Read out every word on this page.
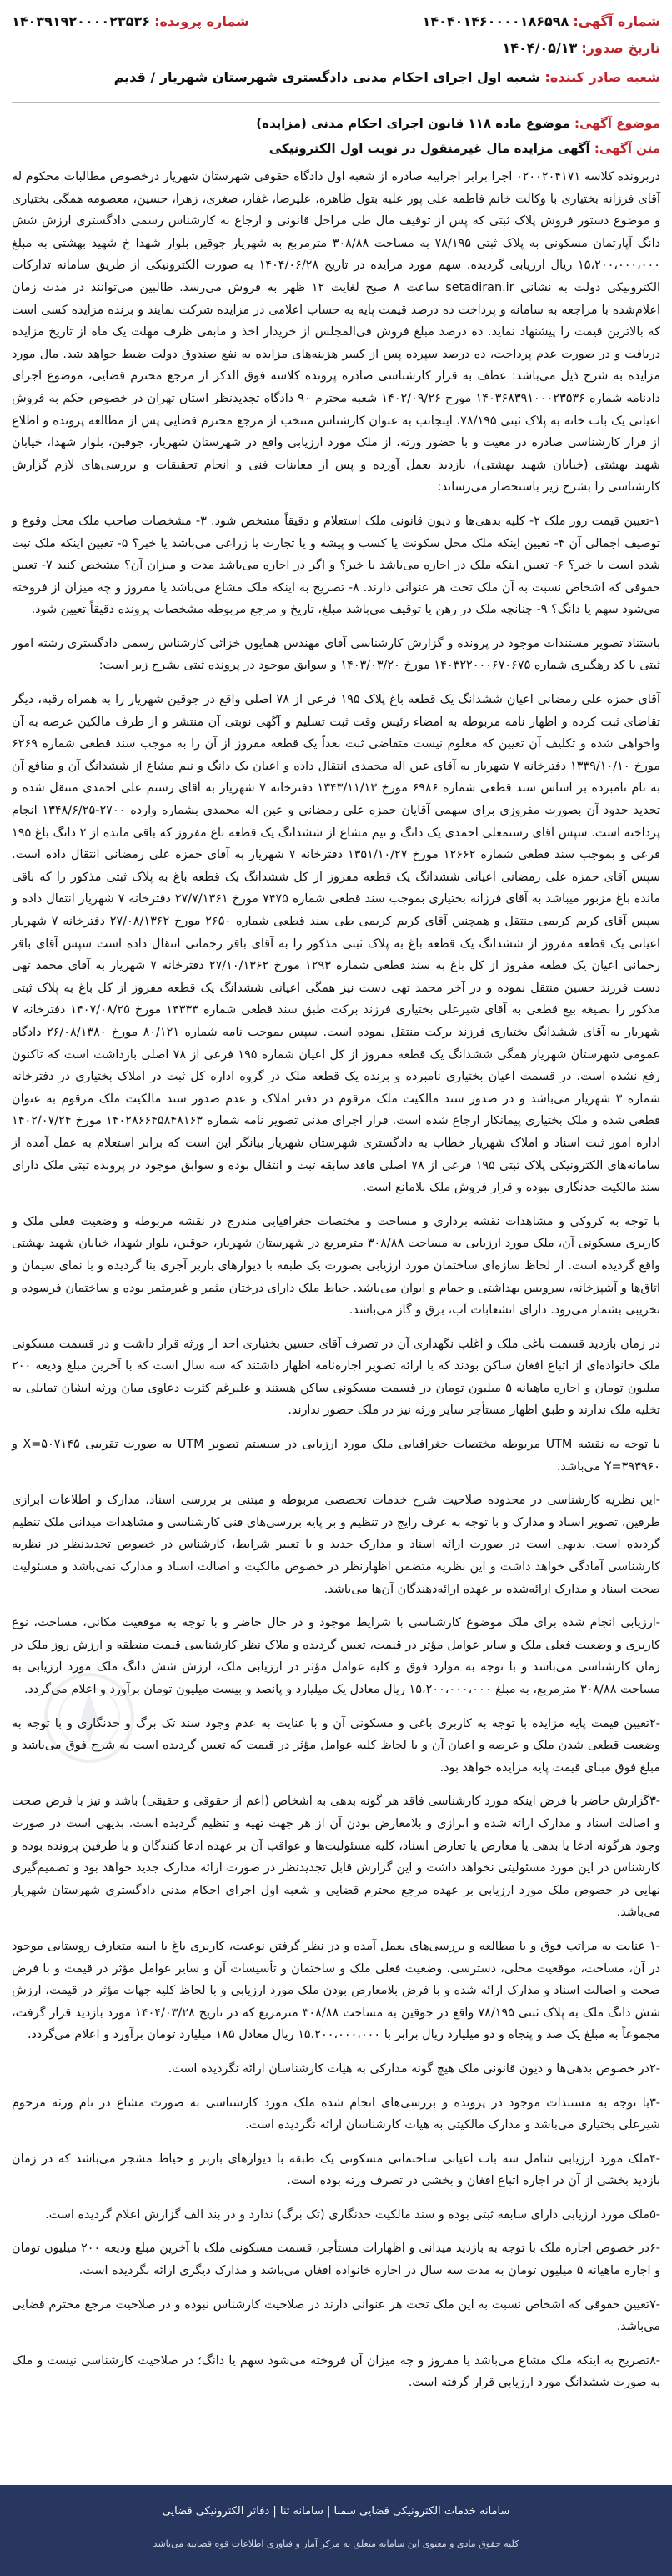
شماره آگهی: ۱۴۰۴۰۱۴۶۰۰۰۰۱۸۶۵۹۸
شماره پرونده: ۱۴۰۳۹۱۹۲۰۰۰۰۲۳۵۳۶
تاریخ صدور: ۱۴۰۴/۰۵/۱۳
شعبه صادر کننده: شعبه اول اجرای احکام مدنی دادگستری شهرستان شهریار / قدیم
موضوع آگهی: موضوع ماده ۱۱۸ قانون اجرای احکام مدنی (مزایده)
متن آگهی: آگهی مزایده مال غیرمنقول در نوبت اول الکترونیکی

دربرونده کلاسه ۰۲۰۰۲۰۴۱۷۱ اجرا برابر اجراییه صادره از شعبه اول دادگاه حقوقی شهرستان شهریار درخصوص مطالبات محکوم له آقای فرزانه بختیاری با وکالت خانم فاطمه علی پور علیه بتول طاهره، علیرضا، غفار، صغری، زهرا، حسین، معصومه همگی بختیاری و موضوع دستور فروش پلاک ثبتی که پس از توقیف مال طی مراحل قانونی و ارجاع به کارشناس رسمی دادگستری ارزش شش دانگ آپارتمان مسکونی به پلاک ثبتی ۷۸/۱۹۵ به مساحت ۳۰۸/۸۸ مترمربع به شهریار جوقین بلوار شهدا خ شهید بهشتی به مبلغ ۱۵،۲۰۰،۰۰۰،۰۰۰ ریال ارزیابی گردیده. سهم مورد مزایده در تاریخ ۱۴۰۴/۰۶/۲۸ به صورت الکترونیکی از طریق سامانه تدارکات الکترونیکی دولت به نشانی setadiran.ir ساعت ۸ صبح لغایت ۱۲ ظهر به فروش می‌رسد. طالبین می‌توانند در مدت زمان اعلام‌شده با مراجعه به سامانه و پرداخت ده درصد قیمت پایه به حساب اعلامی در مزایده شرکت نمایند و برنده مزایده کسی است که بالاترین قیمت را پیشنهاد نماید. ده درصد مبلغ فروش فی‌المجلس از خریدار اخذ و مابقی ظرف مهلت یک ماه از تاریخ مزایده دریافت و در صورت عدم پرداخت، ده درصد سپرده پس از کسر هزینه‌های مزایده به نفع صندوق دولت ضبط خواهد شد. مال مورد مزایده به شرح ذیل می‌باشد: عطف به قرار کارشناسی صادره پرونده کلاسه فوق الذکر از مرجع محترم قضایی، موضوع اجرای دادنامه شماره ۱۴۰۳۶۸۳۹۱۰۰۰۲۳۵۳۶ مورخ ۱۴۰۲/۰۹/۲۶ شعبه محترم ۹۰ دادگاه تجدیدنظر استان تهران در خصوص حکم به فروش اعیانی یک باب خانه به پلاک ثبتی ۷۸/۱۹۵، اینجانب به عنوان کارشناس منتخب از مرجع محترم قضایی پس از مطالعه پرونده و اطلاع از قرار کارشناسی صادره در معیت و با حضور ورثه، از ملک مورد ارزیابی واقع در شهرستان شهریار، جوقین، بلوار شهدا، خیابان شهید بهشتی (خیابان شهید بهشتی)، بازدید بعمل آورده و پس از معاینات فنی و انجام تحقیقات و بررسی‌های لازم گزارش کارشناسی را بشرح زیر باستحضار می‌رساند:

۱-تعیین قیمت روز ملک ۲- کلیه بدهی‌ها و دیون قانونی ملک استعلام و دقیقاً مشخص شود. ۳- مشخصات صاحب ملک محل وقوع و توصیف اجمالی آن ۴- تعیین اینکه ملک محل سکونت یا کسب و پیشه و یا تجارت یا زراعی می‌باشد یا خیر؟ ۵- تعیین اینکه ملک ثبت شده است یا خیر؟ ۶- تعیین اینکه ملک در اجاره می‌باشد یا خیر؟ و اگر در اجاره می‌باشد مدت و میزان آن؟ مشخص کنید ۷- تعیین حقوقی که اشخاص نسبت به آن ملک تحت هر عنوانی دارند. ۸- تصریح به اینکه ملک مشاع می‌باشد یا مفروز و چه میزان از فروخته می‌شود سهم یا دانگ؟ ۹- چنانچه ملک در رهن یا توقیف می‌باشد مبلغ، تاریخ و مرجع مربوطه مشخصات پرونده دقیقاً تعیین شود.

باستناد تصویر مستندات موجود در پرونده و گزارش کارشناسی آقای مهندس همایون خزائی کارشناس رسمی دادگستری رشته امور ثبتی با کد رهگیری شماره ۱۴۰۳۲۲۰۰۰۶۷۰۶۷۵ مورخ ۱۴۰۳/۰۳/۲۰ و سوابق موجود در پرونده ثبتی بشرح زیر است:

آقای حمزه علی رمضانی اعیان ششدانگ یک قطعه باغ پلاک ۱۹۵ فرعی از ۷۸ اصلی واقع در جوقین شهریار را به همراه رقبه، دیگر تقاضای ثبت کرده و اظهار نامه مربوطه به امضاء رئیس وقت ثبت تسلیم و آگهی نوبتی آن منتشر و از طرف مالکین عرصه به آن واخواهی شده و تکلیف آن تعیین که معلوم نیست متقاضی ثبت بعداً یک قطعه مفروز از آن را به موجب سند قطعی شماره ۶۲۶۹ مورخ ۱۳۳۹/۱۰/۱۰ دفترخانه ۷ شهریار به آقای عین اله محمدی انتقال داده و اعیان یک دانگ و نیم مشاع از ششدانگ آن و منافع آن به نام نامبرده بر اساس سند قطعی شماره ۶۹۸۶ مورخ ۱۳۴۳/۱۱/۱۳ دفترخانه ۷ شهریار به آقای رستم علی احمدی منتقل شده و تحدید حدود آن بصورت مفروزی برای سهمی آقایان حمزه علی رمضانی و عین اله محمدی بشماره وارده ۲۷۰۰-۱۳۴۸/۶/۲۵ انجام پرداخته است. سپس آقای رستمعلی احمدی یک دانگ و نیم مشاع از ششدانگ یک قطعه باغ مفروز که باقی مانده از ۲ دانگ باغ ۱۹۵ فرعی و بموجب سند قطعی شماره ۱۲۶۶۲ مورخ ۱۳۵۱/۱۰/۲۷ دفترخانه ۷ شهریار به آقای حمزه علی رمضانی انتقال داده است. سپس آقای حمزه علی رمضانی اعیانی ششدانگ یک قطعه مفروز از کل ششدانگ یک قطعه باغ به پلاک ثبتی مذکور را که باقی مانده باغ مزبور میباشد به آقای فرزانه بختیاری بموجب سند قطعی شماره ۷۴۷۵ مورخ ۲۷/۷/۱۳۶۱ دفترخانه ۷ شهریار انتقال داده و سپس آقای کریم کریمی منتقل و همچنین آقای کریم کریمی طی سند قطعی شماره ۲۶۵۰ مورخ ۲۷/۰۸/۱۳۶۲ دفترخانه ۷ شهریار اعیانی یک قطعه مفروز از ششدانگ یک قطعه باغ به پلاک ثبتی مذکور را به آقای باقر رحمانی انتقال داده است سپس آقای باقر رحمانی اعیان یک قطعه مفروز از کل باغ به سند قطعی شماره ۱۲۹۳ مورخ ۲۷/۱۰/۱۳۶۲ دفترخانه ۷ شهریار به آقای محمد تهی دست فرزند حسین منتقل نموده و در آخر محمد تهی دست نیز همگی اعیانی ششدانگ یک قطعه مفروز از کل باغ به پلاک ثبتی مذکور را بصیغه بیع قطعی به آقای شیرعلی بختیاری فرزند برکت طبق سند قطعی شماره ۱۴۳۳۳ مورخ ۱۴۰۷/۰۸/۲۵ دفترخانه ۷ شهریار به آقای ششدانگ بختیاری فرزند برکت منتقل نموده است. سپس بموجب نامه شماره ۸۰/۱۲۱ مورخ ۲۶/۰۸/۱۳۸۰ دادگاه عمومی شهرستان شهریار همگی ششدانگ یک قطعه مفروز از کل اعیان شماره ۱۹۵ فرعی از ۷۸ اصلی بازداشت است که تاکنون رفع نشده است. در قسمت اعیان بختیاری نامبرده و برنده یک قطعه ملک در گروه اداره کل ثبت در املاک بختیاری در دفترخانه شماره ۳ شهریار می‌باشد و در صدور سند مالکیت ملک مرقوم در دفتر املاک و عدم صدور سند مالکیت ملک مرقوم به عنوان قطعی شده و ملک بختیاری پیمانکار ارجاع شده است. قرار اجرای مدنی تصویر نامه شماره ۱۴۰۲۸۶۶۴۵۸۴۸۱۶۳ مورخ ۱۴۰۲/۰۷/۲۴ اداره امور ثبت اسناد و املاک شهریار خطاب به دادگستری شهرستان شهریار بیانگر این است که برابر استعلام به عمل آمده از سامانه‌های الکترونیکی پلاک ثبتی ۱۹۵ فرعی از ۷۸ اصلی فاقد سابقه ثبت و انتقال بوده و سوابق موجود در پرونده ثبتی ملک دارای سند مالکیت حدنگاری نبوده و قرار فروش ملک بلامانع است.

با توجه به کروکی و مشاهدات نقشه برداری و مساحت و مختصات جغرافیایی مندرج در نقشه مربوطه و وضعیت فعلی ملک و کاربری مسکونی آن، ملک مورد ارزیابی به مساحت ۳۰۸/۸۸ مترمربع در شهرستان شهریار، جوقین، بلوار شهدا، خیابان شهید بهشتی واقع گردیده است. از لحاظ سازه‌ای ساختمان مورد ارزیابی بصورت یک طبقه با دیوارهای باربر آجری بنا گردیده و با نمای سیمان و اتاق‌ها و آشپزخانه، سرویس بهداشتی و حمام و ایوان می‌باشد. حیاط ملک دارای درختان مثمر و غیرمثمر بوده و ساختمان فرسوده و تخریبی بشمار می‌رود. دارای انشعابات آب، برق و گاز می‌باشد.

در زمان بازدید قسمت باغی ملک و اغلب نگهداری آن در تصرف آقای حسین بختیاری احد از ورثه قرار داشت و در قسمت مسکونی ملک خانواده‌ای از اتباع افغان ساکن بودند که با ارائه تصویر اجاره‌نامه اظهار داشتند که سه سال است که با آخرین مبلغ ودیعه ۲۰۰ میلیون تومان و اجاره ماهیانه ۵ میلیون تومان در قسمت مسکونی ساکن هستند و علیرغم کثرت دعاوی میان ورثه ایشان تمایلی به تخلیه ملک ندارند و طبق اظهار مستأجر سایر ورثه نیز در ملک حضور ندارند.

با توجه به نقشه UTM مربوطه مختصات جغرافیایی ملک مورد ارزیابی در سیستم تصویر UTM به صورت تقریبی X=۵۰۷۱۴۵ و Y=۳۹۳۹۶۰ می‌باشد.

-این نظریه کارشناسی در محدوده صلاحیت شرح خدمات تخصصی مربوطه و مبتنی بر بررسی اسناد، مدارک و اطلاعات ابرازی طرفین، تصویر اسناد و مدارک و با توجه به عرف رایج در تنظیم و بر پایه بررسی‌های فنی کارشناسی و مشاهدات میدانی ملک تنظیم گردیده است. بدیهی است در صورت ارائه اسناد و مدارک جدید و یا تغییر شرایط، کارشناس در خصوص تجدیدنظر در نظریه کارشناسی آمادگی خواهد داشت و این نظریه متضمن اظهارنظر در خصوص مالکیت و اصالت اسناد و مدارک نمی‌باشد و مسئولیت صحت اسناد و مدارک ارائه‌شده بر عهده ارائه‌دهندگان آن‌ها می‌باشد.

-ارزیابی انجام شده برای ملک موضوع کارشناسی با شرایط موجود و در حال حاضر و با توجه به موقعیت مکانی، مساحت، نوع کاربری و وضعیت فعلی ملک و سایر عوامل مؤثر در قیمت، تعیین گردیده و ملاک نظر کارشناسی قیمت منطقه و ارزش روز ملک در زمان کارشناسی می‌باشد و با توجه به موارد فوق و کلیه عوامل مؤثر در ارزیابی ملک، ارزش شش دانگ ملک مورد ارزیابی به مساحت ۳۰۸/۸۸ مترمربع، به مبلغ ۱۵،۲۰۰،۰۰۰،۰۰۰ ریال معادل یک میلیارد و پانصد و بیست میلیون تومان برآورد و اعلام می‌گردد.

-۲تعیین قیمت پایه مزایده با توجه به کاربری باغی و مسکونی آن و با عنایت به عدم وجود سند تک برگ و حدنگاری و با توجه به وضعیت قطعی شدن ملک و عرصه و اعیان آن و با لحاظ کلیه عوامل مؤثر در قیمت که تعیین گردیده است به شرح فوق می‌باشد و مبلغ فوق مبنای قیمت پایه مزایده خواهد بود.

-۳گزارش حاضر با فرض اینکه مورد کارشناسی فاقد هر گونه بدهی به اشخاص (اعم از حقوقی و حقیقی) باشد و نیز با فرض صحت و اصالت اسناد و مدارک ارائه شده و ابرازی و بلامعارض بودن آن از هر جهت تهیه و تنظیم گردیده است. بدیهی است در صورت وجود هرگونه ادعا یا بدهی یا معارض یا تعارض اسناد، کلیه مسئولیت‌ها و عواقب آن بر عهده ادعا کنندگان و یا طرفین پرونده بوده و کارشناس در این مورد مسئولیتی نخواهد داشت و این گزارش قابل تجدیدنظر در صورت ارائه مدارک جدید خواهد بود و تصمیم‌گیری نهایی در خصوص ملک مورد ارزیابی بر عهده مرجع محترم قضایی و شعبه اول اجرای احکام مدنی دادگستری شهرستان شهریار می‌باشد.

-۱ عنایت به مراتب فوق و با مطالعه و بررسی‌های بعمل آمده و در نظر گرفتن نوعیت، کاربری باغ با ابنیه متعارف روستایی موجود در آن، مساحت، موقعیت محلی، دسترسی، وضعیت فعلی ملک و ساختمان و تأسیسات آن و سایر عوامل مؤثر در قیمت و با فرض صحت و اصالت اسناد و مدارک ارائه شده و با فرض بلامعارض بودن ملک مورد ارزیابی و با لحاظ کلیه جهات مؤثر در قیمت، ارزش شش دانگ ملک به پلاک ثبتی ۷۸/۱۹۵ واقع در جوقین به مساحت ۳۰۸/۸۸ مترمربع که در تاریخ ۱۴۰۴/۰۳/۲۸ مورد بازدید قرار گرفت، مجموعاً به مبلغ یک صد و پنجاه و دو میلیارد ریال برابر با ۱۵،۲۰۰،۰۰۰،۰۰۰ ریال معادل ۱۸۵ میلیارد تومان برآورد و اعلام می‌گردد.

-۲در خصوص بدهی‌ها و دیون قانونی ملک هیچ گونه مدارکی به هیات کارشناسان ارائه نگردیده است.

-۳با توجه به مستندات موجود در پرونده و بررسی‌های انجام شده ملک مورد کارشناسی به صورت مشاع در نام ورثه مرحوم شیرعلی بختیاری می‌باشد و مدارک مالکیتی به هیات کارشناسان ارائه نگردیده است.

-۴ملک مورد ارزیابی شامل سه باب اعیانی ساختمانی مسکونی یک طبقه با دیوارهای باربر و حیاط مشجر می‌باشد که در زمان بازدید بخشی از آن در اجاره اتباع افغان و بخشی در تصرف ورثه بوده است.

-۵ملک مورد ارزیابی دارای سابقه ثبتی بوده و سند مالکیت حدنگاری (تک برگ) ندارد و در بند الف گزارش اعلام گردیده است.

-۶در خصوص اجاره ملک با توجه به بازدید میدانی و اظهارات مستأجر، قسمت مسکونی ملک با آخرین مبلغ ودیعه ۲۰۰ میلیون تومان و اجاره ماهیانه ۵ میلیون تومان به مدت سه سال در اجاره خانواده افغان می‌باشد و مدارک دیگری ارائه نگردیده است.

-۷تعیین حقوقی که اشخاص نسبت به این ملک تحت هر عنوانی دارند در صلاحیت کارشناس نبوده و در صلاحیت مرجع محترم قضایی می‌باشد.

-۸تصریح به اینکه ملک مشاع می‌باشد یا مفروز و چه میزان آن فروخته می‌شود سهم یا دانگ؛ در صلاحیت کارشناسی نیست و ملک به صورت ششدانگ مورد ارزیابی قرار گرفته است.

سامانه خدمات الکترونیکی قضایی‌ سمنا | سامانه ثنا | دفاتر الکترونیکی قضایی
کلیه حقوق مادی و معنوی این سامانه متعلق به مرکز آمار و فناوری اطلاعات قوه قضاییه می‌باشد
